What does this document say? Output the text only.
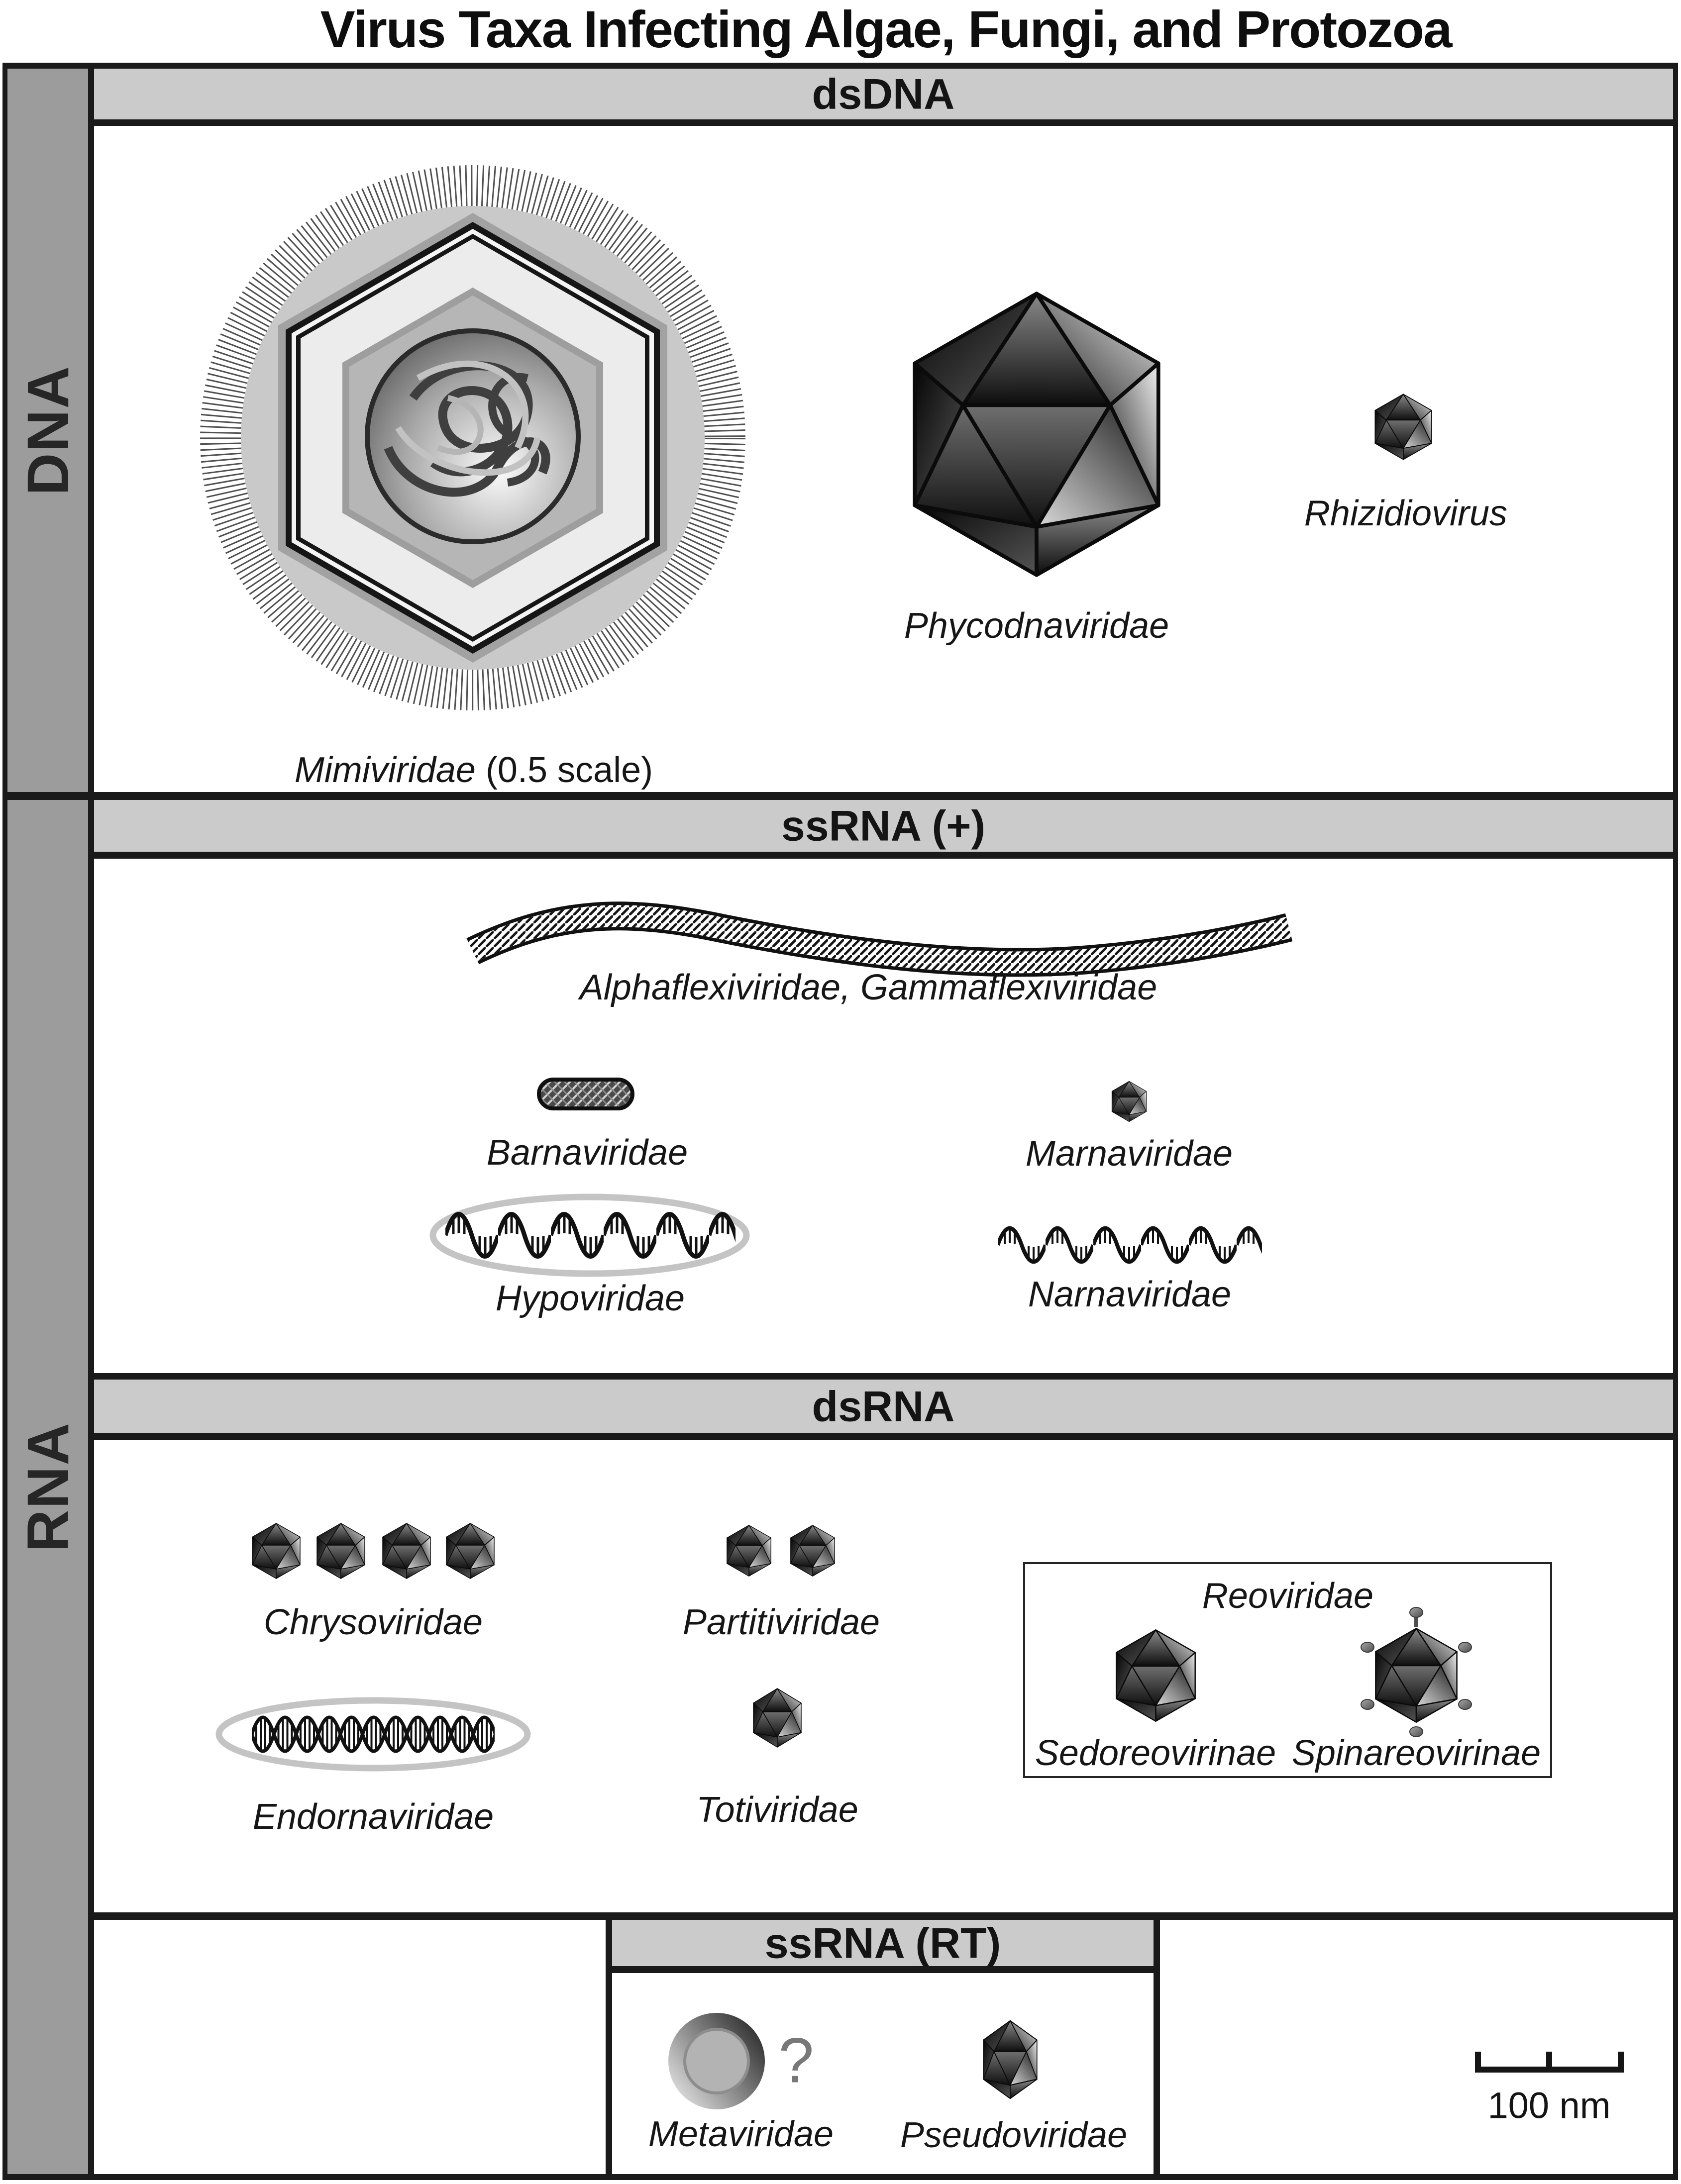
Virus Taxa Infecting Algae, Fungi, and Protozoa
DNA
RNA
dsDNA
ssRNA (+)
dsRNA
ssRNA (RT)
Mimiviridae (0.5 scale)
Phycodnaviridae
Rhizidiovirus
Alphaflexiviridae, Gammaflexiviridae
Barnaviridae	Marnaviridae
Hypoviridae	Narnaviridae
Chrysoviridae	Partitiviridae
Reoviridae
Sedoreovirinae Spinareovirinae
Endornaviridae	Totiviridae
?
Metaviridae Pseudoviridae
100 nm
